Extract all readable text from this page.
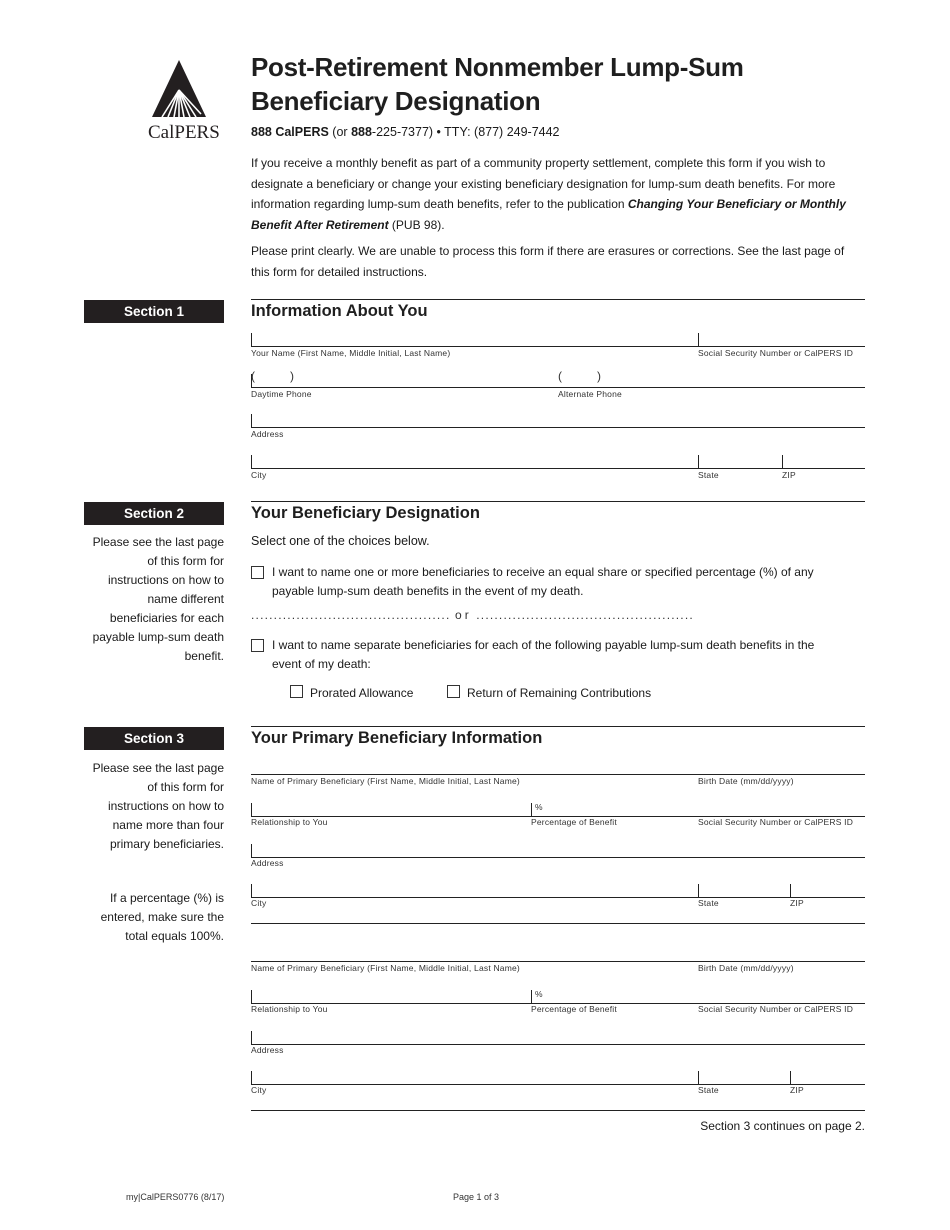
CalPERS
Post-Retirement Nonmember Lump-Sum
Beneficiary Designation
888 CalPERS (or 888-225-7377) • TTY: (877) 249-7442
If you receive a monthly benefit as part of a community property settlement, complete this form if you wish to designate a beneficiary or change your existing beneficiary designation for lump-sum death benefits. For more information regarding lump-sum death benefits, refer to the publication Changing Your Beneficiary or Monthly Benefit After Retirement (PUB 98).
Please print clearly. We are unable to process this form if there are erasures or corrections. See the last page of this form for detailed instructions.
Section 1	Information About You
Your Name (First Name, Middle Initial, Last Name)	Social Security Number or CalPERS ID
(	)	(	)
Daytime Phone	Alternate Phone
Address
City	State	ZIP
Section 2	Your Beneficiary Designation
Please see the last page of this form for instructions on how to name different beneficiaries for each payable lump-sum death benefit.
Select one of the choices below.
I want to name one or more beneficiaries to receive an equal share or specified percentage (%) of any payable lump-sum death benefits in the event of my death.
............................................ or ................................................
I want to name separate beneficiaries for each of the following payable lump-sum death benefits in the event of my death:
Prorated Allowance	Return of Remaining Contributions
Section 3	Your Primary Beneficiary Information
Please see the last page of this form for instructions on how to name more than four primary beneficiaries.
If a percentage (%) is entered, make sure the total equals 100%.
Name of Primary Beneficiary (First Name, Middle Initial, Last Name)	Birth Date (mm/dd/yyyy)
%
Relationship to You	Percentage of Benefit	Social Security Number or CalPERS ID
Address
City	State	ZIP
Name of Primary Beneficiary (First Name, Middle Initial, Last Name)	Birth Date (mm/dd/yyyy)
%
Relationship to You	Percentage of Benefit	Social Security Number or CalPERS ID
Address
City	State	ZIP
Section 3 continues on page 2.
my|CalPERS0776 (8/17)	Page 1 of 3
